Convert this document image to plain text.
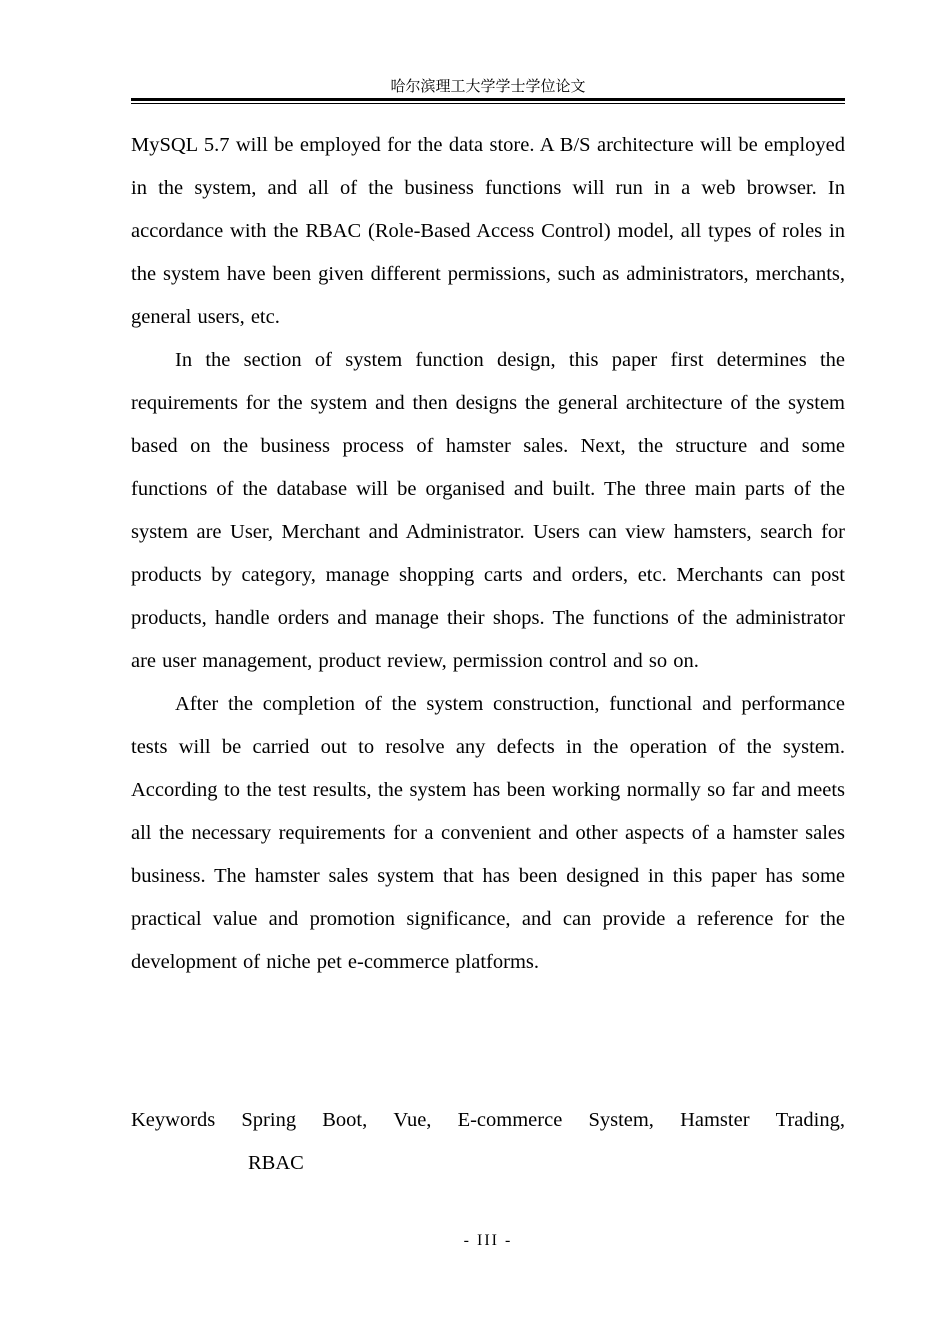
哈尔滨理工大学学士学位论文

MySQL 5.7 will be employed for the data store. A B/S architecture will be employed in the system, and all of the business functions will run in a web browser. In accordance with the RBAC (Role-Based Access Control) model, all types of roles in the system have been given different permissions, such as administrators, merchants, general users, etc.

In the section of system function design, this paper first determines the requirements for the system and then designs the general architecture of the system based on the business process of hamster sales. Next, the structure and some functions of the database will be organised and built. The three main parts of the system are User, Merchant and Administrator. Users can view hamsters, search for products by category, manage shopping carts and orders, etc. Merchants can post products, handle orders and manage their shops. The functions of the administrator are user management, product review, permission control and so on.

After the completion of the system construction, functional and performance tests will be carried out to resolve any defects in the operation of the system. According to the test results, the system has been working normally so far and meets all the necessary requirements for a convenient and other aspects of a hamster sales business. The hamster sales system that has been designed in this paper has some practical value and promotion significance, and can provide a reference for the development of niche pet e-commerce platforms.

Keywords Spring Boot, Vue, E-commerce System, Hamster Trading,
RBAC
- III -
